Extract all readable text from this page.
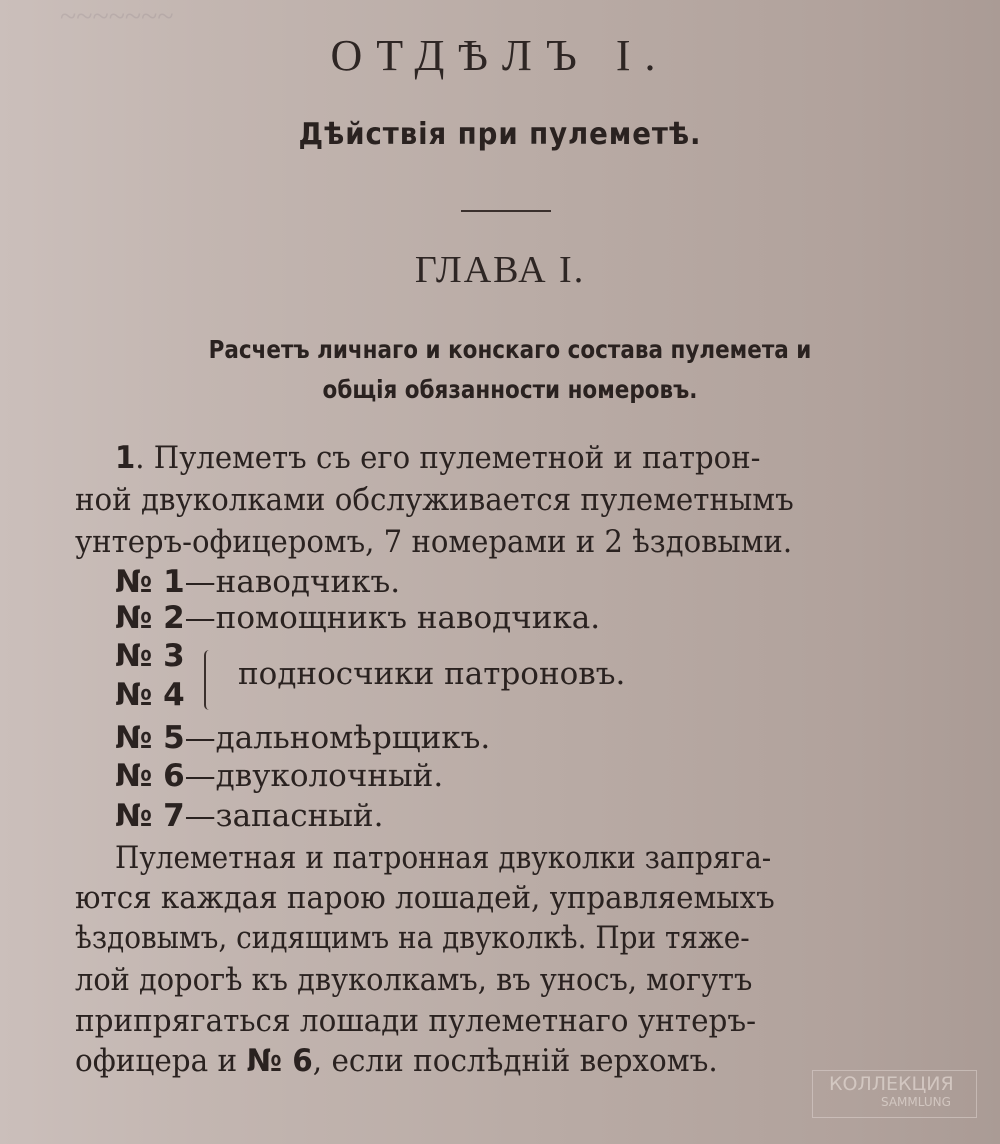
~~~~~~~
ОТДѢЛЪ I.
Дѣйствія при пулеметѣ.
ГЛАВА I.
Расчетъ личнаго и конскаго состава пулемета и
общія обязанности номеровъ.
1. Пулеметъ съ его пулеметной и патрон-
ной двуколками обслуживается пулеметнымъ
унтеръ-офицеромъ, 7 номерами и 2 ѣздовыми.
№ 1—наводчикъ.
№ 2—помощникъ наводчика.
№ 3
№ 4
подносчики патроновъ.
№ 5—дальномѣрщикъ.
№ 6—двуколочный.
№ 7—запасный.
Пулеметная и патронная двуколки запряга-
ются каждая парою лошадей, управляемыхъ
ѣздовымъ, сидящимъ на двуколкѣ. При тяже-
лой дорогѣ къ двуколкамъ, въ уносъ, могутъ
припрягаться лошади пулеметнаго унтеръ-
офицера и № 6, если послѣдній верхомъ.
КОЛЛЕКЦИЯ
SAMMLUNG
